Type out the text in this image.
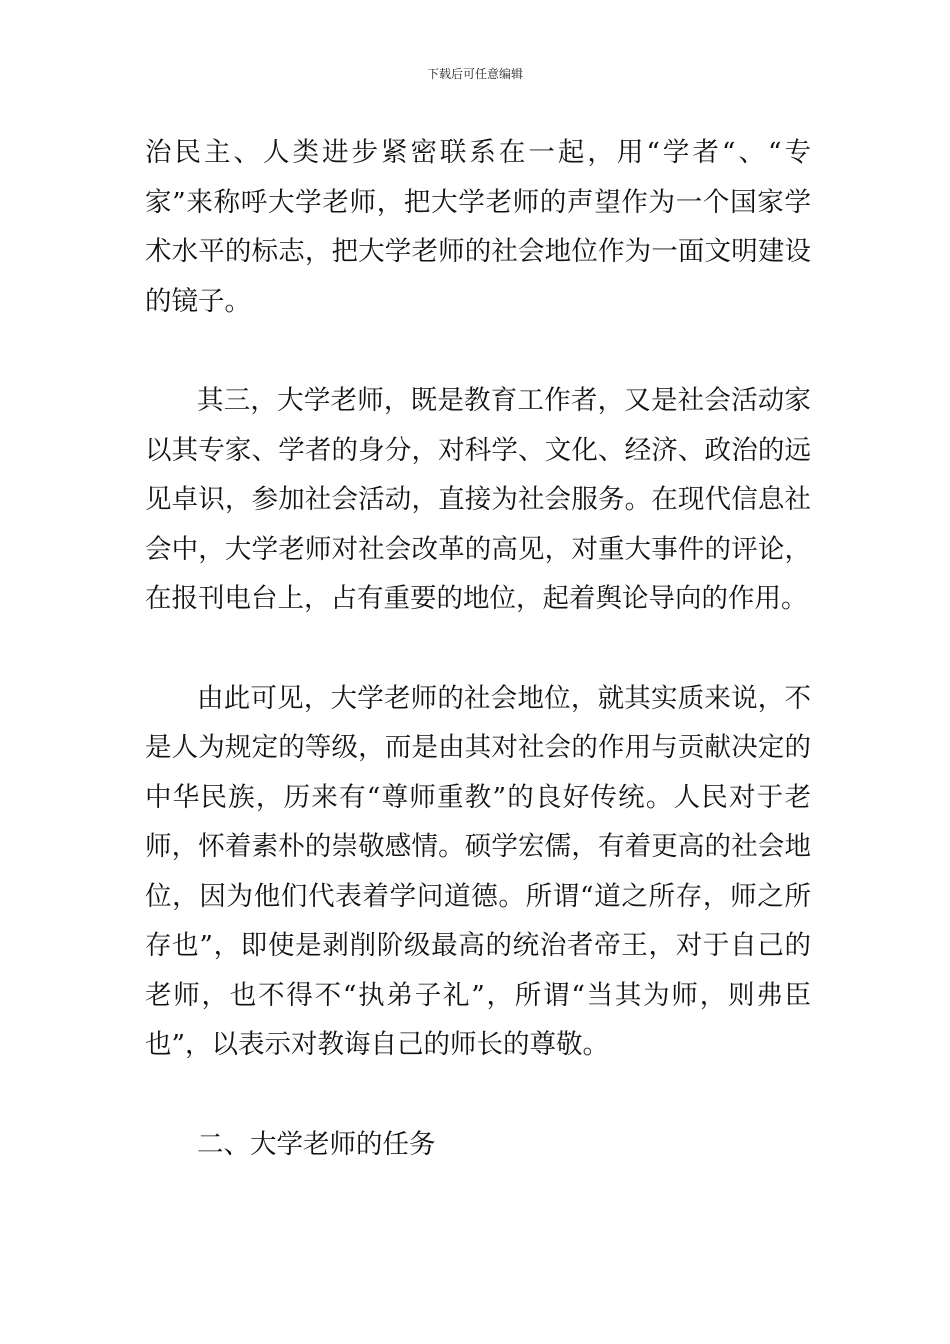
下载后可任意编辑
治民主、人类进步紧密联系在一起，用“学者“、“专
家”来称呼大学老师，把大学老师的声望作为一个国家学
术水平的标志，把大学老师的社会地位作为一面文明建设
的镜子。
其三，大学老师，既是教育工作者，又是社会活动家
以其专家、学者的身分，对科学、文化、经济、政治的远
见卓识，参加社会活动，直接为社会服务。在现代信息社
会中，大学老师对社会改革的高见，对重大事件的评论，
在报刊电台上，占有重要的地位，起着舆论导向的作用。
由此可见，大学老师的社会地位，就其实质来说，不
是人为规定的等级，而是由其对社会的作用与贡献决定的
中华民族，历来有“尊师重教”的良好传统。人民对于老
师，怀着素朴的崇敬感情。硕学宏儒，有着更高的社会地
位，因为他们代表着学问道德。所谓“道之所存，师之所
存也”，即使是剥削阶级最高的统治者帝王，对于自己的
老师，也不得不“执弟子礼”，所谓“当其为师，则弗臣
也”，以表示对教诲自己的师长的尊敬。
二、大学老师的任务
